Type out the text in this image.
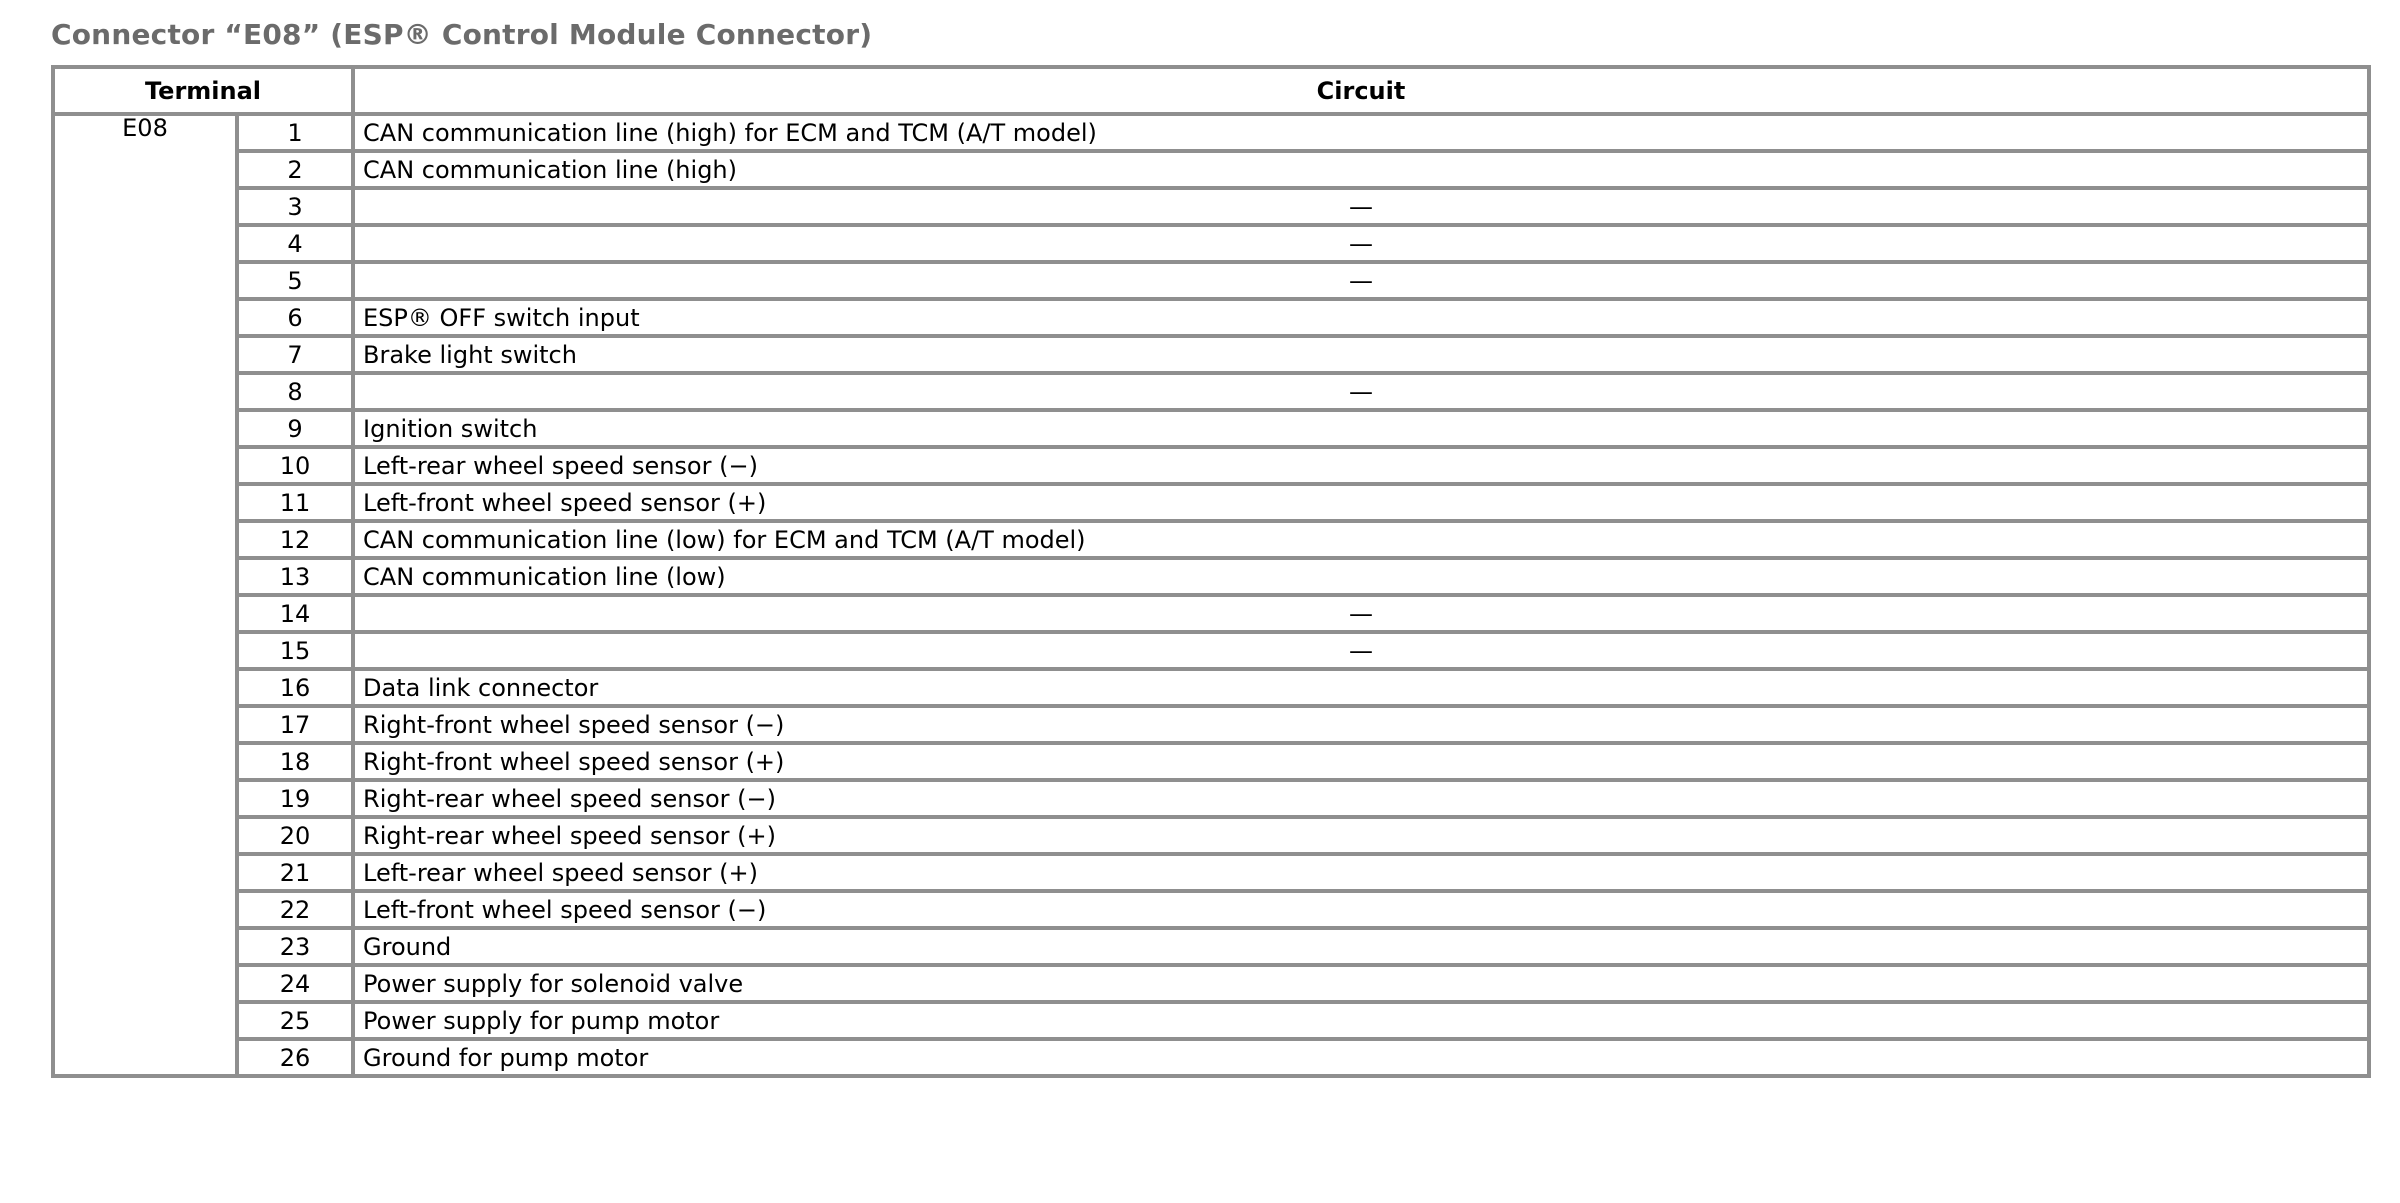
Connector “E08” (ESP® Control Module Connector)
Terminal		Circuit
E08	1	CAN communication line (high) for ECM and TCM (A/T model)
	2	CAN communication line (high)
	3	—
	4	—
	5	—
	6	ESP® OFF switch input
	7	Brake light switch
	8	—
	9	Ignition switch
	10	Left-rear wheel speed sensor (−)
	11	Left-front wheel speed sensor (+)
	12	CAN communication line (low) for ECM and TCM (A/T model)
	13	CAN communication line (low)
	14	—
	15	—
	16	Data link connector
	17	Right-front wheel speed sensor (−)
	18	Right-front wheel speed sensor (+)
	19	Right-rear wheel speed sensor (−)
	20	Right-rear wheel speed sensor (+)
	21	Left-rear wheel speed sensor (+)
	22	Left-front wheel speed sensor (−)
	23	Ground
	24	Power supply for solenoid valve
	25	Power supply for pump motor
	26	Ground for pump motor
